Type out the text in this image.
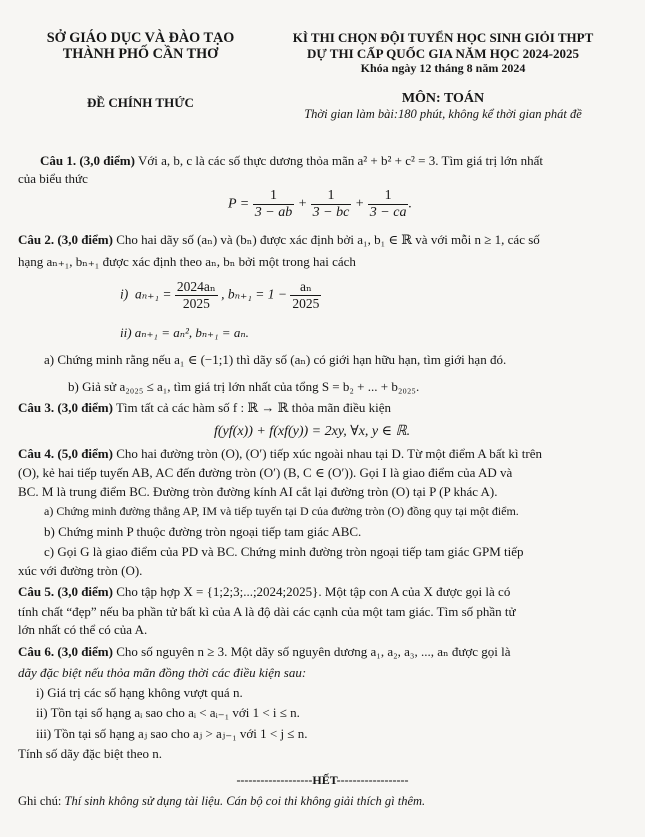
SỞ GIÁO DỤC VÀ ĐÀO TẠO
THÀNH PHỐ CẦN THƠ
ĐỀ CHÍNH THỨC
KÌ THI CHỌN ĐỘI TUYỂN HỌC SINH GIỎI THPT
DỰ THI CẤP QUỐC GIA NĂM HỌC 2024-2025
Khóa ngày 12 tháng 8 năm 2024
MÔN: TOÁN
Thời gian làm bài:180 phút, không kể thời gian phát đề
Câu 1. (3,0 điểm) Với a, b, c là các số thực dương thỏa mãn a² + b² + c² = 3. Tìm giá trị lớn nhất
của biểu thức
$P = \frac{1}{3 - ab} + \frac{1}{3 - bc} + \frac{1}{3 - ca}$ .
Câu 2. (3,0 điểm) Cho hai dãy số (aₙ) và (bₙ) được xác định bởi a₁, b₁ ∈ ℝ và với mỗi n ≥ 1, các số
hạng aₙ₊₁, bₙ₊₁ được xác định theo aₙ, bₙ bởi một trong hai cách
i) $a_{n+1} = \frac{\text{2024aₙ}}{2025}$ , $b_{n+1} = 1 - \frac{\text{aₙ}}{2025}$
ii) aₙ₊₁ = aₙ², bₙ₊₁ = aₙ.
a) Chứng minh rằng nếu a₁ ∈ (−1;1) thì dãy số (aₙ) có giới hạn hữu hạn, tìm giới hạn đó.
b) Giả sử a₂₀₂₅ ≤ a₁, tìm giá trị lớn nhất của tổng S = b₂ + ... + b₂₀₂₅.
Câu 3. (3,0 điểm) Tìm tất cả các hàm số f : ℝ → ℝ thỏa mãn điều kiện
f(yf(x)) + f(xf(y)) = 2xy, ∀x, y ∈ ℝ.
Câu 4. (5,0 điểm) Cho hai đường tròn (O), (O′) tiếp xúc ngoài nhau tại D. Từ một điểm A bất kì trên
(O), kẻ hai tiếp tuyến AB, AC đến đường tròn (O′) (B, C ∈ (O′)). Gọi I là giao điểm của AD và
BC. M là trung điểm BC. Đường tròn đường kính AI cắt lại đường tròn (O) tại P (P khác A).
a) Chứng minh đường thẳng AP, IM và tiếp tuyến tại D của đường tròn (O) đồng quy tại một điểm.
b) Chứng minh P thuộc đường tròn ngoại tiếp tam giác ABC.
c) Gọi G là giao điểm của PD và BC. Chứng minh đường tròn ngoại tiếp tam giác GPM tiếp
xúc với đường tròn (O).
Câu 5. (3,0 điểm) Cho tập hợp X = {1;2;3;...;2024;2025}. Một tập con A của X được gọi là có
tính chất “đẹp” nếu ba phần tử bất kì của A là độ dài các cạnh của một tam giác. Tìm số phần tử
lớn nhất có thể có của A.
Câu 6. (3,0 điểm) Cho số nguyên n ≥ 3. Một dãy số nguyên dương a₁, a₂, a₃, ..., aₙ được gọi là
dãy đặc biệt nếu thỏa mãn đồng thời các điều kiện sau:
i) Giá trị các số hạng không vượt quá n.
ii) Tồn tại số hạng aᵢ sao cho aᵢ < aᵢ₋₁ với 1 < i ≤ n.
iii) Tồn tại số hạng aⱼ sao cho aⱼ > aⱼ₋₁ với 1 < j ≤ n.
Tính số dãy đặc biệt theo n.
-------------------HẾT------------------
Ghi chú: Thí sinh không sử dụng tài liệu. Cán bộ coi thi không giải thích gì thêm.
